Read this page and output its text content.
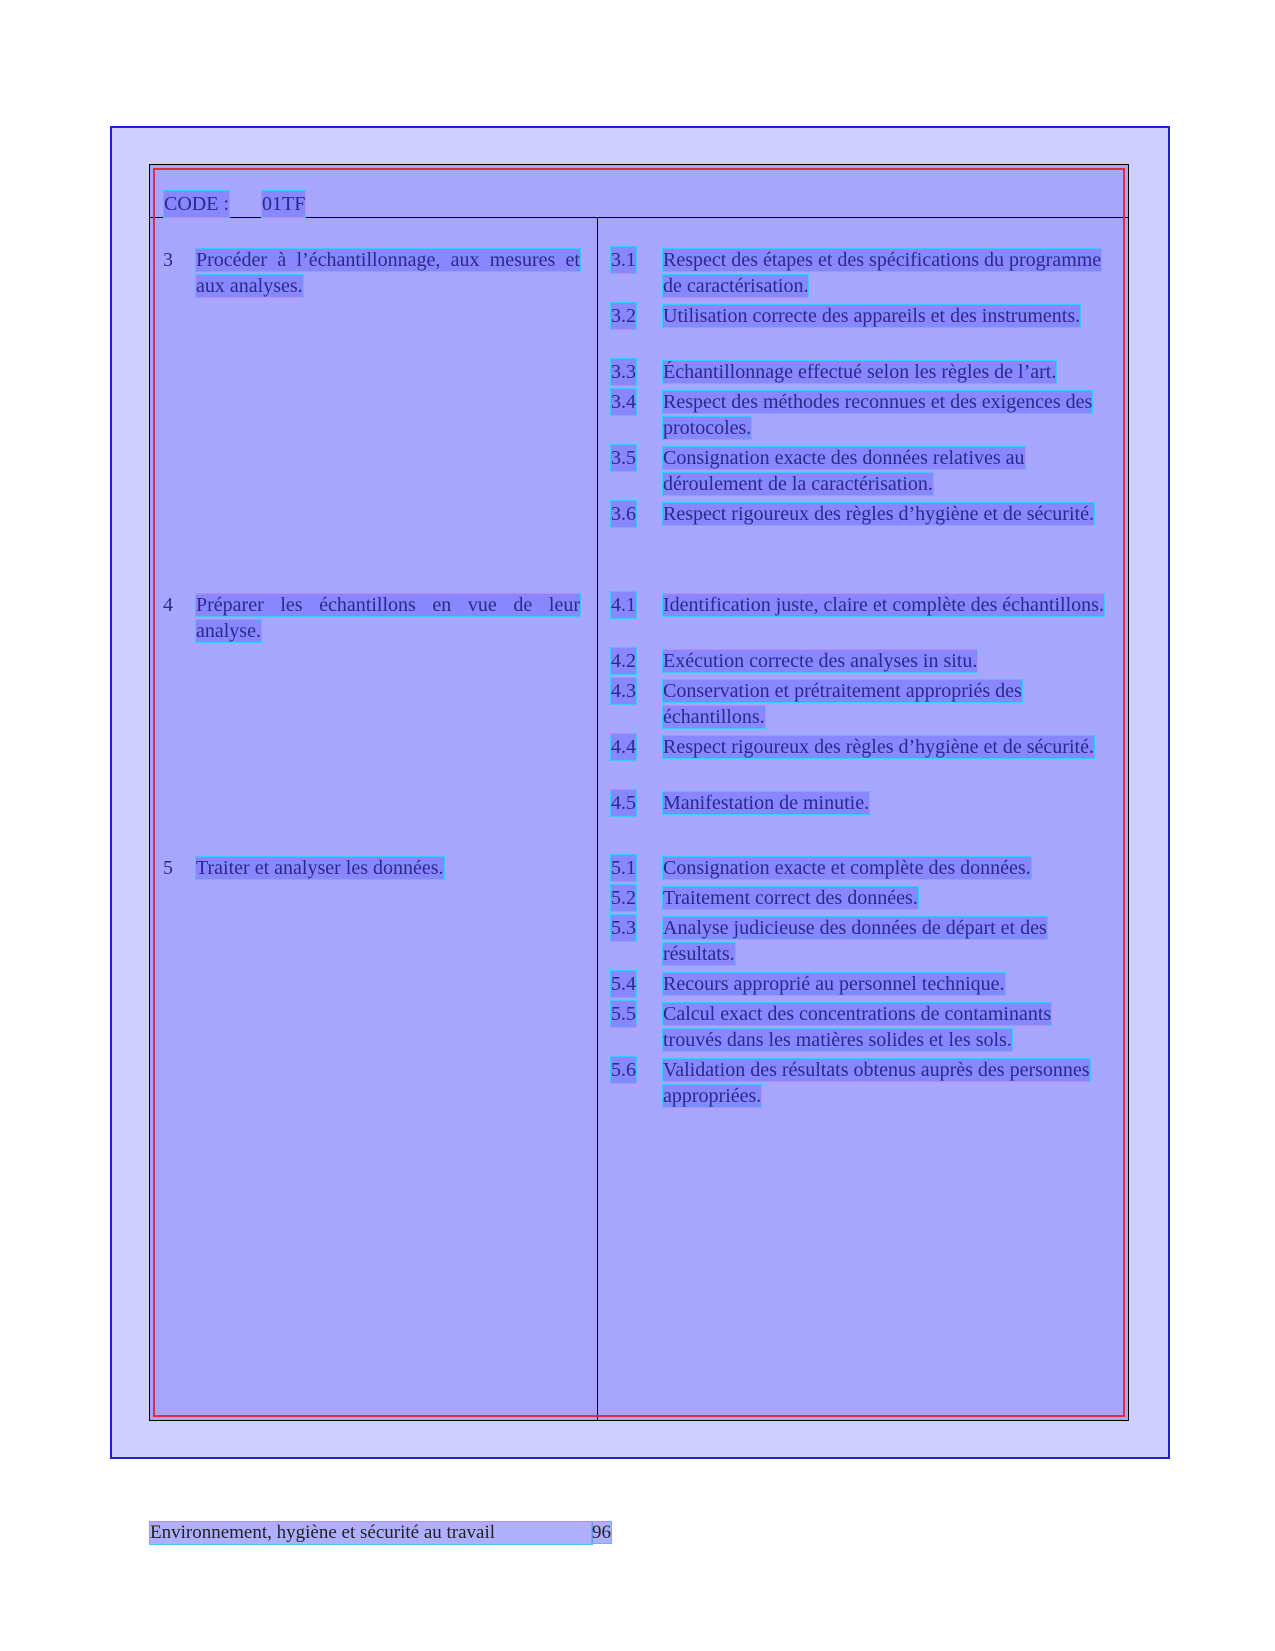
CODE : 01TF
3 Procéder à l’échantillonnage, aux mesures et aux analyses.
4 Préparer les échantillons en vue de leur analyse.
5 Traiter et analyser les données.
3.1 Respect des étapes et des spécifications du programme de caractérisation.
3.2 Utilisation correcte des appareils et des instruments.
3.3 Échantillonnage effectué selon les règles de l’art.
3.4 Respect des méthodes reconnues et des exigences des protocoles.
3.5 Consignation exacte des données relatives au déroulement de la caractérisation.
3.6 Respect rigoureux des règles d’hygiène et de sécurité.
4.1 Identification juste, claire et complète des échantillons.
4.2 Exécution correcte des analyses in situ.
4.3 Conservation et prétraitement appropriés des échantillons.
4.4 Respect rigoureux des règles d’hygiène et de sécurité.
4.5 Manifestation de minutie.
5.1 Consignation exacte et complète des données.
5.2 Traitement correct des données.
5.3 Analyse judicieuse des données de départ et des résultats.
5.4 Recours approprié au personnel technique.
5.5 Calcul exact des concentrations de contaminants trouvés dans les matières solides et les sols.
5.6 Validation des résultats obtenus auprès des personnes appropriées.
Environnement, hygiène et sécurité au travail	96
